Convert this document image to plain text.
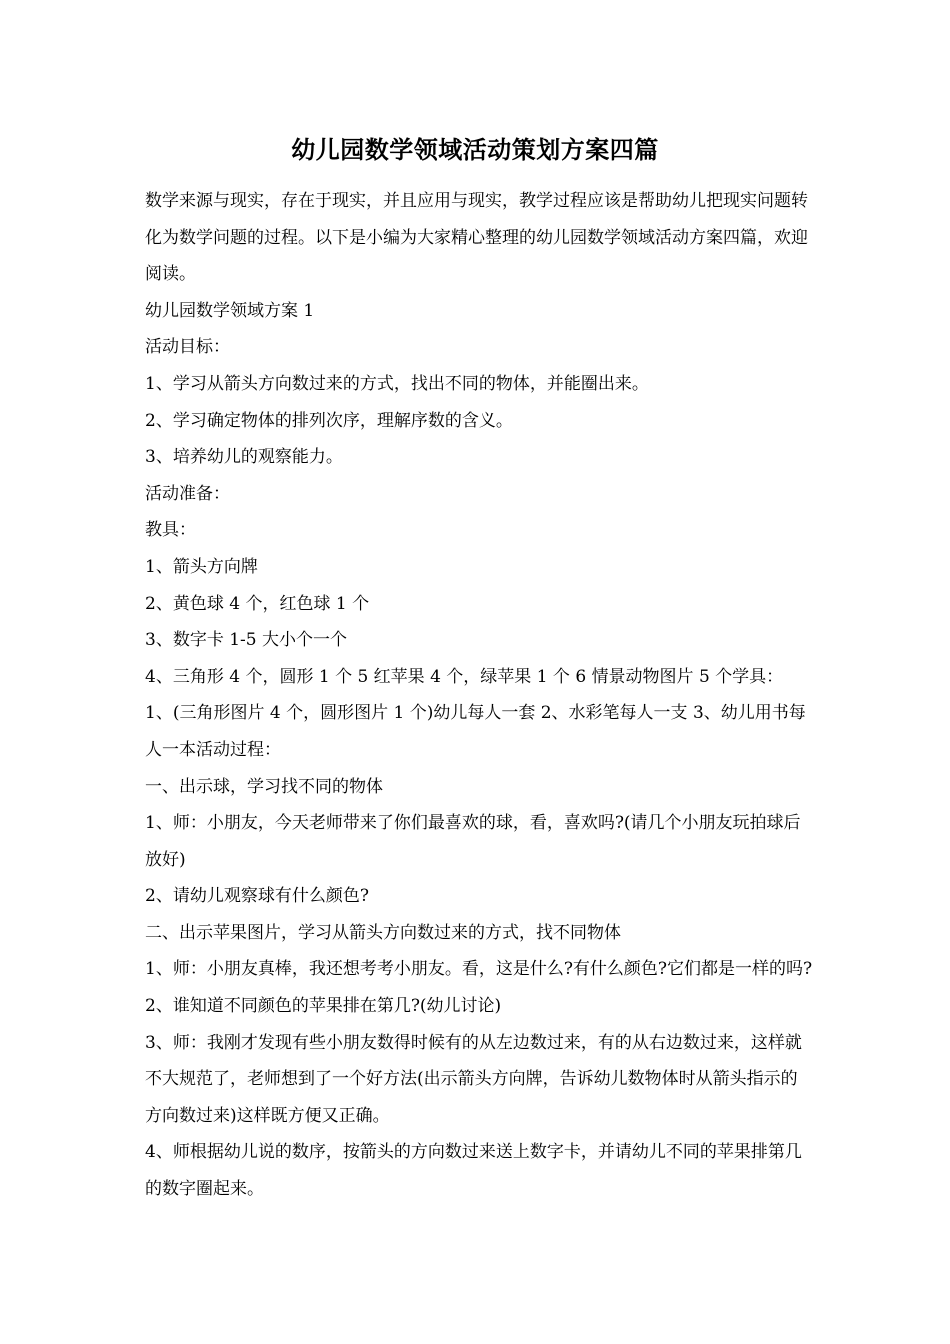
幼儿园数学领域活动策划方案四篇

数学来源与现实，存在于现实，并且应用与现实，教学过程应该是帮助幼儿把现实问题转化为数学问题的过程。以下是小编为大家精心整理的幼儿园数学领域活动方案四篇，欢迎阅读。

幼儿园数学领域方案 1

活动目标：

1、学习从箭头方向数过来的方式，找出不同的物体，并能圈出来。

2、学习确定物体的排列次序，理解序数的含义。

3、培养幼儿的观察能力。

活动准备：

教具：

1、箭头方向牌

2、黄色球 4 个，红色球 1 个

3、数字卡 1-5 大小个一个

4、三角形 4 个，圆形 1 个 5 红苹果 4 个，绿苹果 1 个 6 情景动物图片 5 个学具：

1、(三角形图片 4 个，圆形图片 1 个)幼儿每人一套 2、水彩笔每人一支 3、幼儿用书每人一本活动过程：

一、出示球，学习找不同的物体

1、师：小朋友，今天老师带来了你们最喜欢的球，看，喜欢吗?(请几个小朋友玩拍球后放好)

2、请幼儿观察球有什么颜色?

二、出示苹果图片，学习从箭头方向数过来的方式，找不同物体

1、师：小朋友真棒，我还想考考小朋友。看，这是什么?有什么颜色?它们都是一样的吗?

2、谁知道不同颜色的苹果排在第几?(幼儿讨论)

3、师：我刚才发现有些小朋友数得时候有的从左边数过来，有的从右边数过来，这样就不大规范了，老师想到了一个好方法(出示箭头方向牌，告诉幼儿数物体时从箭头指示的方向数过来)这样既方便又正确。

4、师根据幼儿说的数序，按箭头的方向数过来送上数字卡，并请幼儿不同的苹果排第几的数字圈起来。
